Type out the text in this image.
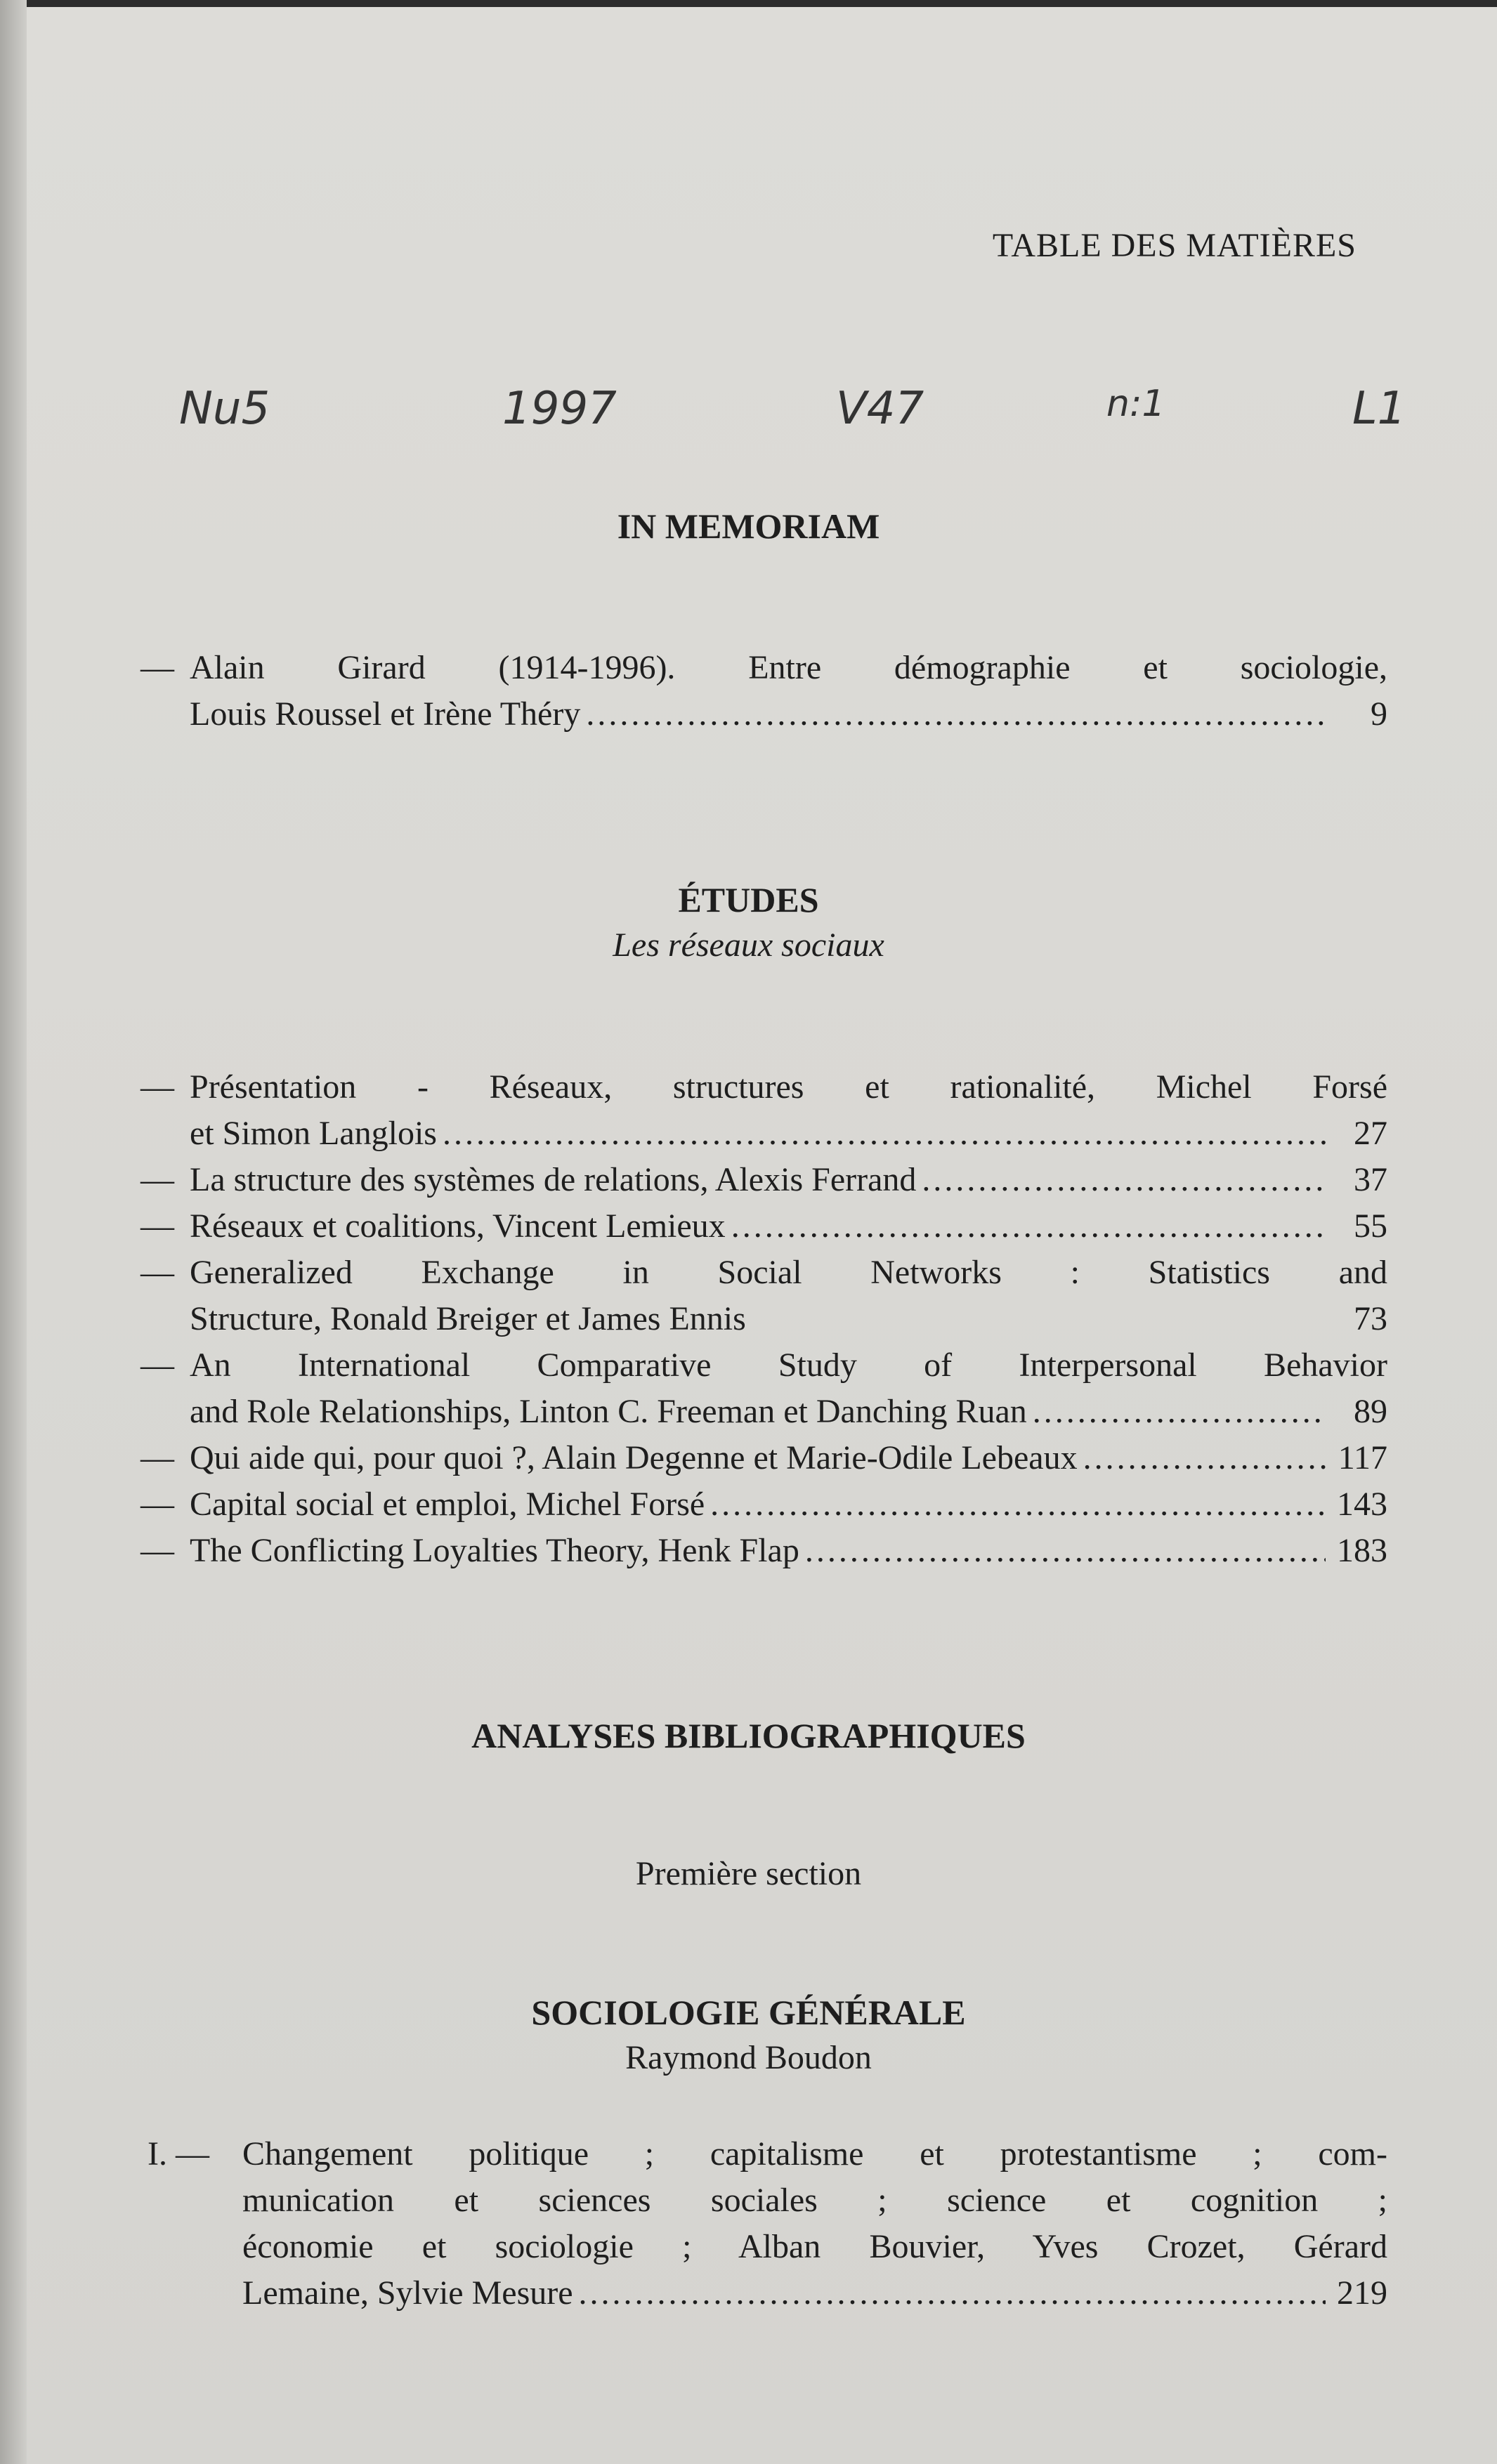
TABLE DES MATIÈRES
Nu5	1997	V47	n:1	L1
IN MEMORIAM
— Alain Girard (1914-1996). Entre démographie et sociologie,
Louis Roussel et Irène Théry .....	9
ÉTUDES
Les réseaux sociaux
— Présentation - Réseaux, structures et rationalité, Michel Forsé
et Simon Langlois .....	27
— La structure des systèmes de relations, Alexis Ferrand .....	37
— Réseaux et coalitions, Vincent Lemieux .....	55
— Generalized Exchange in Social Networks : Statistics and
Structure, Ronald Breiger et James Ennis	73
— An International Comparative Study of Interpersonal Behavior
and Role Relationships, Linton C. Freeman et Danching Ruan .....	89
— Qui aide qui, pour quoi ?, Alain Degenne et Marie-Odile Lebeaux .....	117
— Capital social et emploi, Michel Forsé .....	143
— The Conflicting Loyalties Theory, Henk Flap .....	183
ANALYSES BIBLIOGRAPHIQUES
Première section
SOCIOLOGIE GÉNÉRALE
Raymond Boudon
I. — Changement politique ; capitalisme et protestantisme ; com-
munication et sciences sociales ; science et cognition ;
économie et sociologie ; Alban Bouvier, Yves Crozet, Gérard
Lemaine, Sylvie Mesure .....	219
